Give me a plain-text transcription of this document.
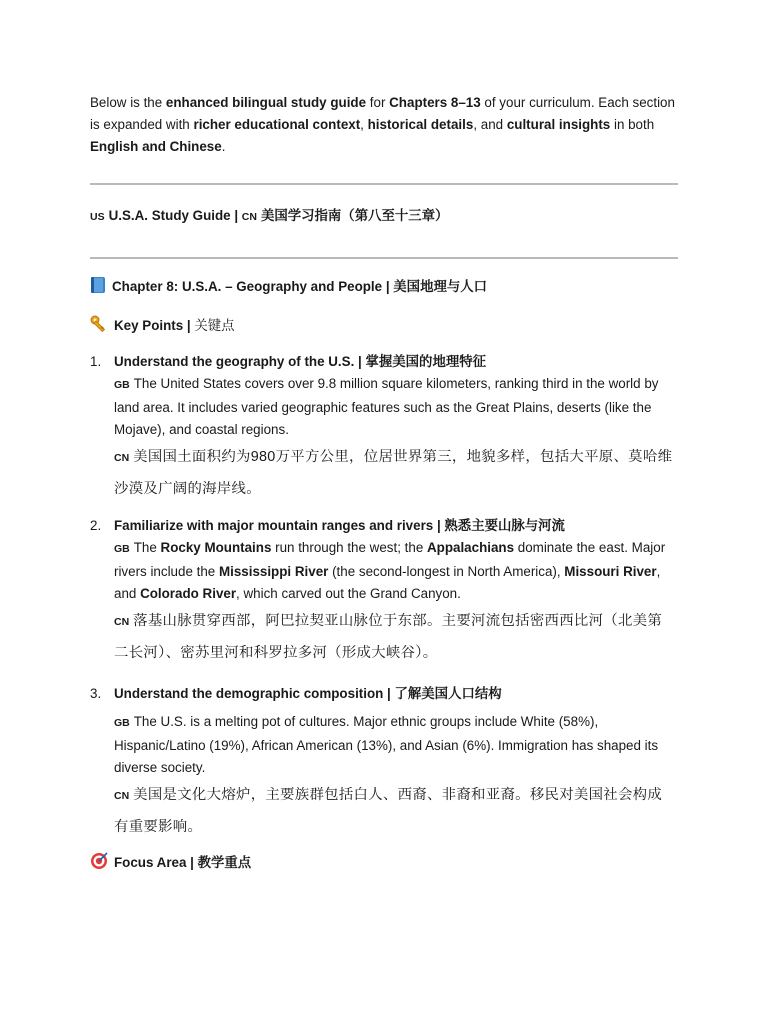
Below is the enhanced bilingual study guide for Chapters 8–13 of your curriculum. Each section is expanded with richer educational context, historical details, and cultural insights in both English and Chinese.
US U.S.A. Study Guide | CN 美国学习指南（第八至十三章）
Chapter 8: U.S.A. – Geography and People | 美国地理与人口
Key Points | 关键点
1. Understand the geography of the U.S. | 掌握美国的地理特征
GB The United States covers over 9.8 million square kilometers, ranking third in the world by land area. It includes varied geographic features such as the Great Plains, deserts (like the Mojave), and coastal regions.
CN 美国国土面积约为980万平方公里，位居世界第三，地貌多样，包括大平原、莫哈维沙漠及广阔的海岸线。
2. Familiarize with major mountain ranges and rivers | 熟悉主要山脉与河流
GB The Rocky Mountains run through the west; the Appalachians dominate the east. Major rivers include the Mississippi River (the second-longest in North America), Missouri River, and Colorado River, which carved out the Grand Canyon.
CN 落基山脉贯穿西部，阿巴拉契亚山脉位于东部。主要河流包括密西西比河（北美第二长河）、密苏里河和科罗拉多河（形成大峡谷）。
3. Understand the demographic composition | 了解美国人口结构
GB The U.S. is a melting pot of cultures. Major ethnic groups include White (58%), Hispanic/Latino (19%), African American (13%), and Asian (6%). Immigration has shaped its diverse society.
CN 美国是文化大熔炉，主要族群包括白人、西裔、非裔和亚裔。移民对美国社会构成有重要影响。
Focus Area | 教学重点
